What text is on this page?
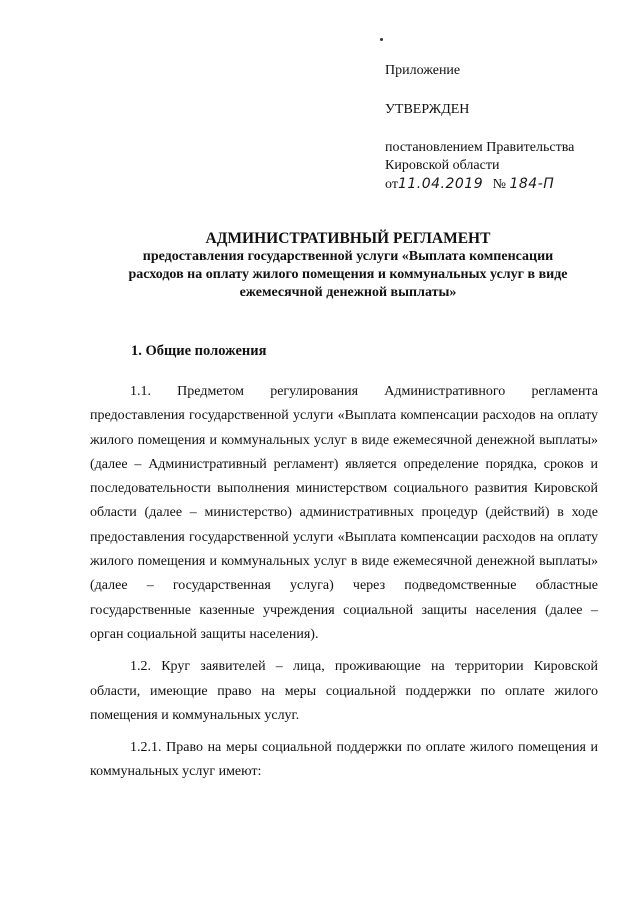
Приложение
УТВЕРЖДЕН
постановлением Правительства
Кировской области
от11.04.2019 № 184-П
АДМИНИСТРАТИВНЫЙ РЕГЛАМЕНТ
предоставления государственной услуги «Выплата компенсации
расходов на оплату жилого помещения и коммунальных услуг в виде
ежемесячной денежной выплаты»
1. Общие положения

1.1. Предметом регулирования Административного регламента предоставления государственной услуги «Выплата компенсации расходов на оплату жилого помещения и коммунальных услуг в виде ежемесячной денежной выплаты» (далее – Административный регламент) является определение порядка, сроков и последовательности выполнения министерством социального развития Кировской области (далее – министерство) административных процедур (действий) в ходе предоставления государственной услуги «Выплата компенсации расходов на оплату жилого помещения и коммунальных услуг в виде ежемесячной денежной выплаты» (далее – государственная услуга) через подведомственные областные государственные казенные учреждения социальной защиты населения (далее – орган социальной защиты населения).

1.2. Круг заявителей – лица, проживающие на территории Кировской области, имеющие право на меры социальной поддержки по оплате жилого помещения и коммунальных услуг.

1.2.1. Право на меры социальной поддержки по оплате жилого помещения и коммунальных услуг имеют:
